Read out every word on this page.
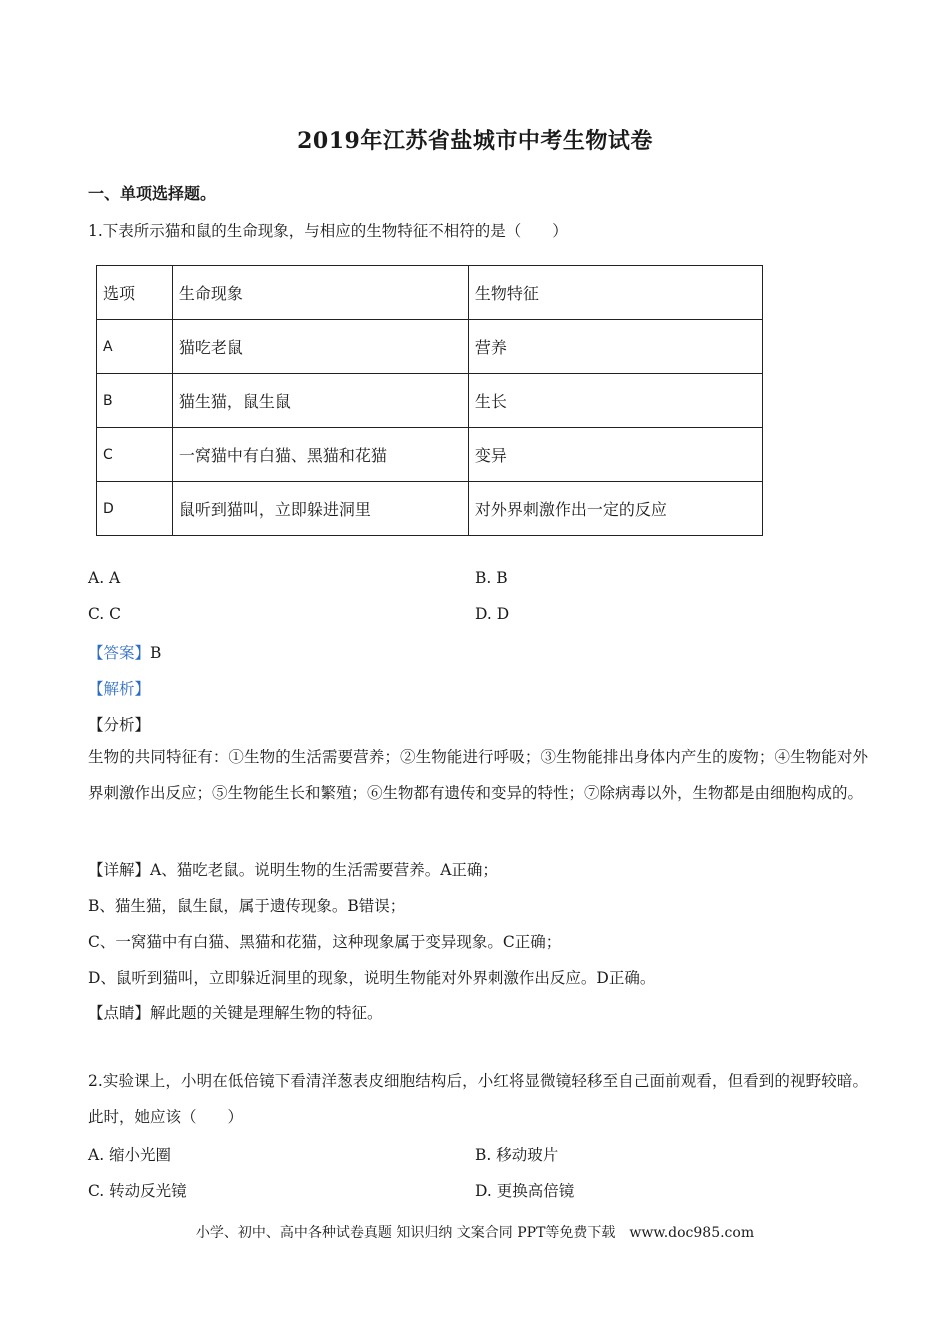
2019年江苏省盐城市中考生物试卷
一、单项选择题。
1.下表所示猫和鼠的生命现象，与相应的生物特征不相符的是（　　）
选项	生命现象	生物特征
A	猫吃老鼠	营养
B	猫生猫，鼠生鼠	生长
C	一窝猫中有白猫、黑猫和花猫	变异
D	鼠听到猫叫，立即躲进洞里	对外界刺激作出一定的反应
A. A	B. B
C. C	D. D
【答案】B
【解析】
【分析】
生物的共同特征有：①生物的生活需要营养；②生物能进行呼吸；③生物能排出身体内产生的废物；④生物能对外界刺激作出反应；⑤生物能生长和繁殖；⑥生物都有遗传和变异的特性；⑦除病毒以外，生物都是由细胞构成的。
【详解】A、猫吃老鼠。说明生物的生活需要营养。A正确；
B、猫生猫，鼠生鼠，属于遗传现象。B错误；
C、一窝猫中有白猫、黑猫和花猫，这种现象属于变异现象。C正确；
D、鼠听到猫叫，立即躲近洞里的现象，说明生物能对外界刺激作出反应。D正确。
【点睛】解此题的关键是理解生物的特征。
2.实验课上，小明在低倍镜下看清洋葱表皮细胞结构后，小红将显微镜轻移至自己面前观看，但看到的视野较暗。此时，她应该（　　）
A. 缩小光圈	B. 移动玻片
C. 转动反光镜	D. 更换高倍镜
小学、初中、高中各种试卷真题 知识归纳 文案合同 PPT等免费下载　www.doc985.com
